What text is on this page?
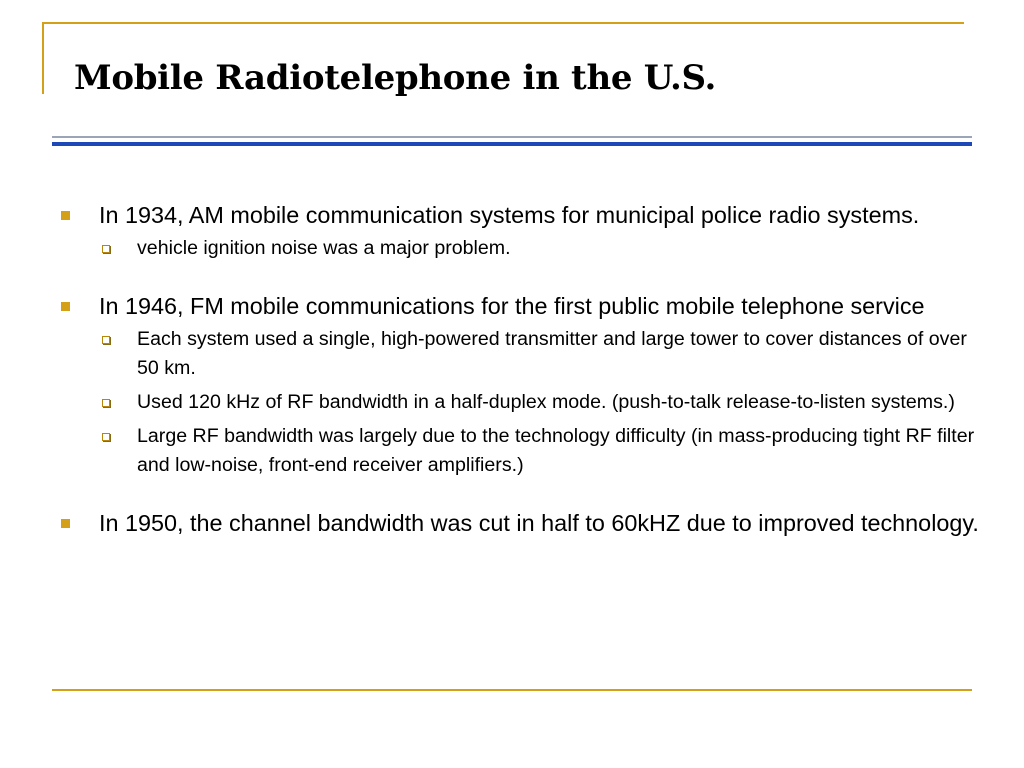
Mobile Radiotelephone in the U.S.
In 1934, AM mobile communication systems for municipal police radio systems.
vehicle ignition noise was a major problem.
In 1946, FM mobile communications for the first public mobile telephone service
Each system used a single, high-powered transmitter and large tower to cover distances of over 50 km.
Used 120 kHz of RF bandwidth in a half-duplex mode. (push-to-talk release-to-listen systems.)
Large RF bandwidth was largely due to the technology difficulty (in mass-producing tight RF filter and low-noise, front-end receiver amplifiers.)
In 1950, the channel bandwidth was cut in half to 60kHZ due to improved technology.
